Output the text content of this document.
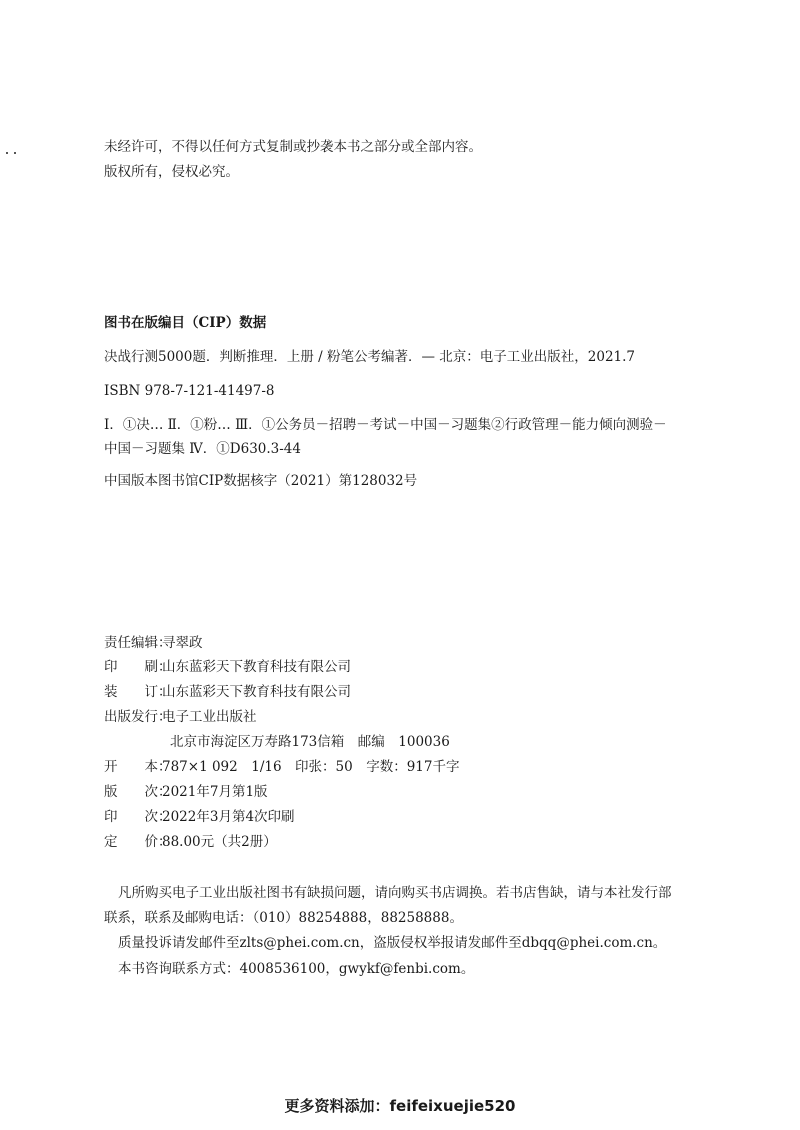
未经许可，不得以任何方式复制或抄袭本书之部分或全部内容。
版权所有，侵权必究。
图书在版编目（CIP）数据
决战行测5000题．判断推理．上册 / 粉笔公考编著．— 北京：电子工业出版社，2021.7
ISBN 978-7-121-41497-8
Ⅰ．①决… Ⅱ．①粉… Ⅲ．①公务员－招聘－考试－中国－习题集②行政管理－能力倾向测验－
中国－习题集 Ⅳ．①D630.3-44
中国版本图书馆CIP数据核字（2021）第128032号
责任编辑：寻翠政
印　　刷：山东蓝彩天下教育科技有限公司
装　　订：山东蓝彩天下教育科技有限公司
出版发行：电子工业出版社
北京市海淀区万寿路173信箱　邮编　100036
开　　本：787×1 092　1/16　印张：50　字数：917千字
版　　次：2021年7月第1版
印　　次：2022年3月第4次印刷
定　　价：88.00元（共2册）
凡所购买电子工业出版社图书有缺损问题，请向购买书店调换。若书店售缺，请与本社发行部
联系，联系及邮购电话：（010）88254888，88258888。
质量投诉请发邮件至zlts@phei.com.cn，盗版侵权举报请发邮件至dbqq@phei.com.cn。
本书咨询联系方式：4008536100，gwykf@fenbi.com。
更多资料添加：feifeixuejie520
